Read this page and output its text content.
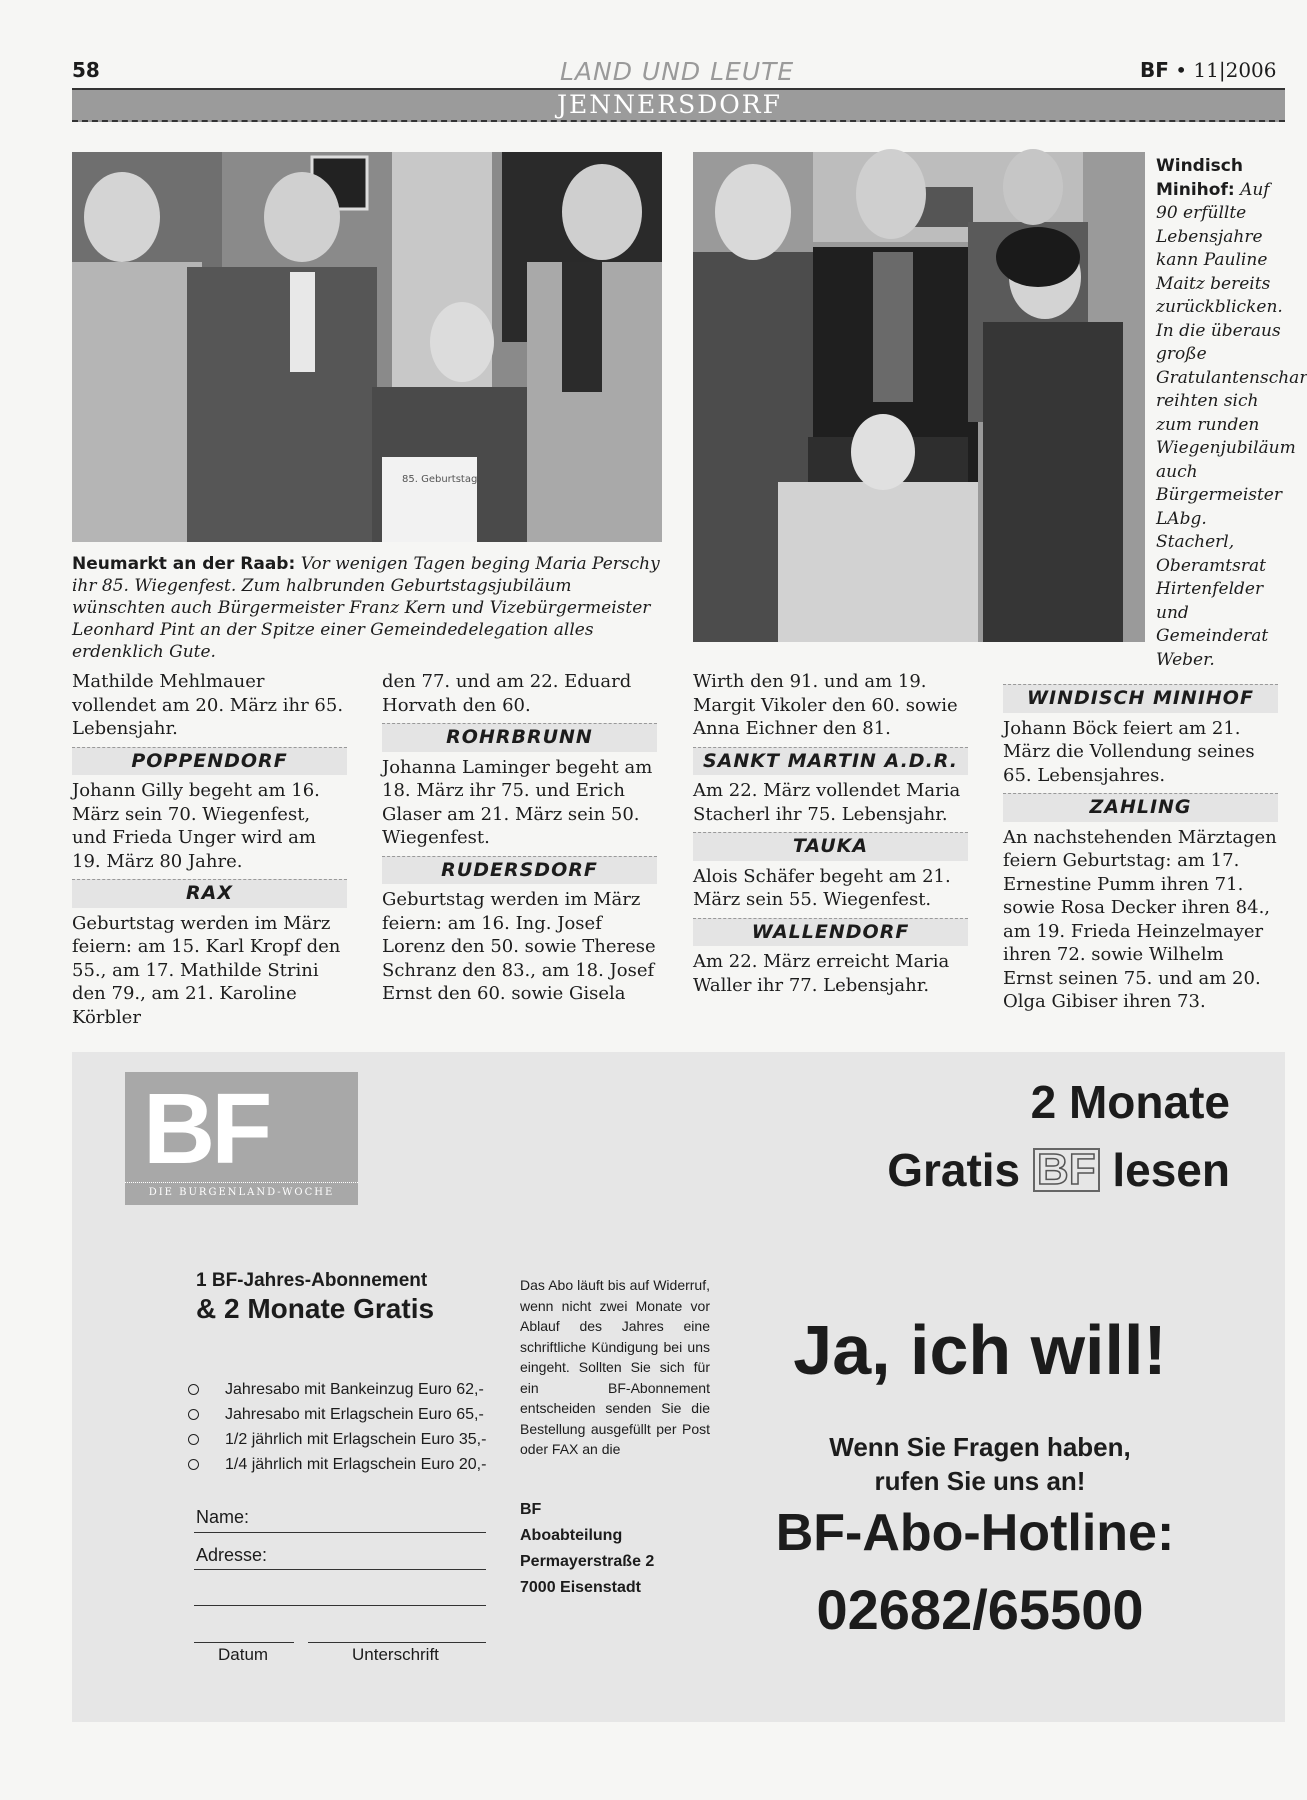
58	LAND UND LEUTE	BF • 11|2006
JENNERSDORF
85. Geburtstag
Neumarkt an der Raab: Vor wenigen Tagen beging Maria Perschy ihr 85. Wiegenfest. Zum halbrunden Geburtstagsjubiläum wünschten auch Bürgermeister Franz Kern und Vizebürgermeister Leonhard Pint an der Spitze einer Gemeindedelegation alles erdenklich Gute.
Windisch Minihof: Auf 90 erfüllte Lebensjahre kann Pauline Maitz bereits zurückblicken. In die überaus große Gratulantenschar reihten sich zum runden Wiegenjubiläum auch Bürgermeister LAbg. Stacherl, Oberamtsrat Hirtenfelder und Gemeinderat Weber.

Mathilde Mehlmauer vollendet am 20. März ihr 65. Lebensjahr.

POPPENDORF

Johann Gilly begeht am 16. März sein 70. Wiegenfest, und Frieda Unger wird am 19. März 80 Jahre.

RAX

Geburtstag werden im März feiern: am 15. Karl Kropf den 55., am 17. Mathilde Strini den 79., am 21. Karoline Körbler

den 77. und am 22. Eduard Horvath den 60.

ROHRBRUNN

Johanna Laminger begeht am 18. März ihr 75. und Erich Glaser am 21. März sein 50. Wiegenfest.

RUDERSDORF

Geburtstag werden im März feiern: am 16. Ing. Josef Lorenz den 50. sowie Therese Schranz den 83., am 18. Josef Ernst den 60. sowie Gisela

Wirth den 91. und am 19. Margit Vikoler den 60. sowie Anna Eichner den 81.

SANKT MARTIN A.D.R.

Am 22. März vollendet Maria Stacherl ihr 75. Lebensjahr.

TAUKA

Alois Schäfer begeht am 21. März sein 55. Wiegenfest.

WALLENDORF

Am 22. März erreicht Maria Waller ihr 77. Lebensjahr.

WINDISCH MINIHOF

Johann Böck feiert am 21. März die Vollendung seines 65. Lebensjahres.

ZAHLING

An nachstehenden Märztagen feiern Geburtstag: am 17. Ernestine Pumm ihren 71. sowie Rosa Decker ihren 84., am 19. Frieda Heinzelmayer ihren 72. sowie Wilhelm Ernst seinen 75. und am 20. Olga Gibiser ihren 73.

BF
DIE BURGENLAND-WOCHE
2 Monate
Gratis BF lesen
1 BF-Jahres-Abonnement
& 2 Monate Gratis
Jahresabo mit Bankeinzug Euro 62,-
Jahresabo mit Erlagschein Euro 65,-
1/2 jährlich mit Erlagschein Euro 35,-
1/4 jährlich mit Erlagschein Euro 20,-
Name:
Adresse:
Datum	Unterschrift
Das Abo läuft bis auf Widerruf, wenn nicht zwei Monate vor Ablauf des Jahres eine schriftliche Kündigung bei uns eingeht. Sollten Sie sich für ein BF-Abonnement entscheiden senden Sie die Bestellung ausgefüllt per Post oder FAX an die
BF
Aboabteilung
Permayerstraße 2
7000 Eisenstadt
Ja, ich will!
Wenn Sie Fragen haben,
rufen Sie uns an!
BF-Abo-Hotline:
02682/65500
